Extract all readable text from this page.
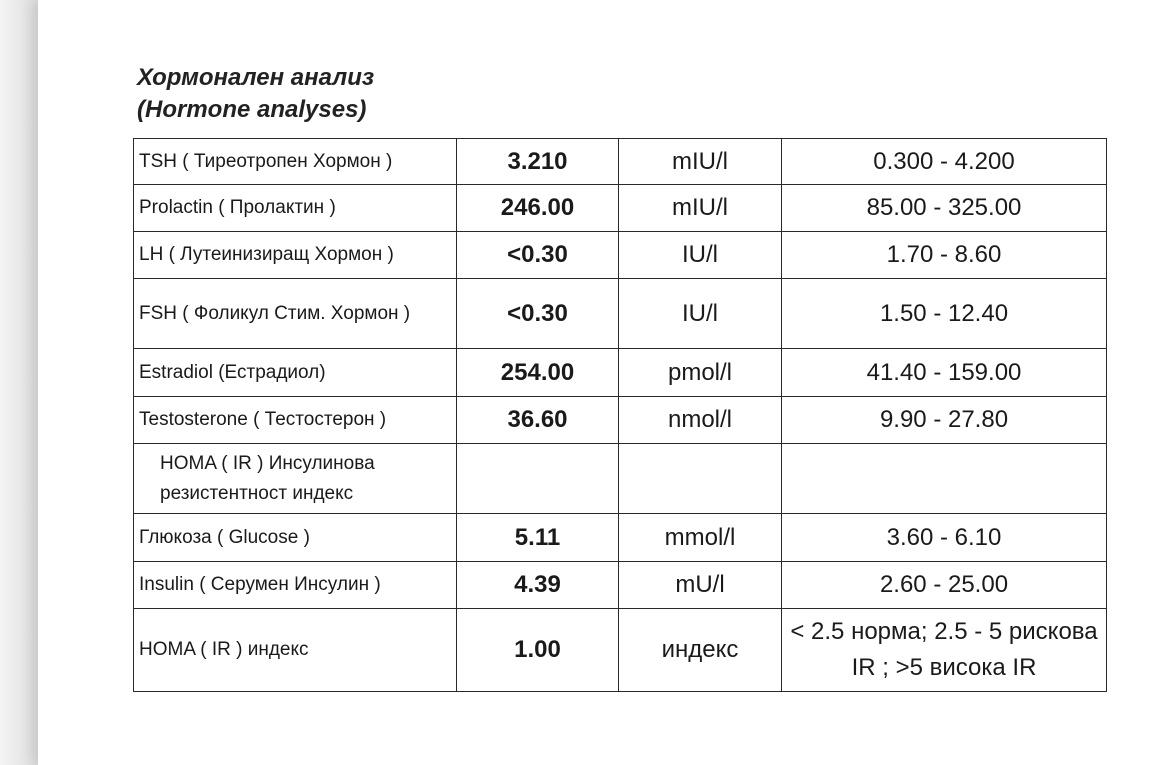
Хормонален анализ
(Hormone analyses)
TSH ( Тиреотропен Хормон )	3.210	mIU/l	0.300 - 4.200
Prolactin ( Пролактин )	246.00	mIU/l	85.00 - 325.00
LH ( Лутеинизиращ Хормон )	<0.30	IU/l	1.70 - 8.60
FSH ( Фоликул Стим. Хормон )	<0.30	IU/l	1.50 - 12.40
Estradiol (Естрадиол)	254.00	pmol/l	41.40 - 159.00
Testosterone ( Тестостерон )	36.60	nmol/l	9.90 - 27.80
HOMA ( IR ) Инсулинова резистентност индекс			
Глюкоза ( Glucose )	5.11	mmol/l	3.60 - 6.10
Insulin ( Серумен Инсулин )	4.39	mU/l	2.60 - 25.00
HOMA ( IR ) индекс	1.00	индекс	< 2.5 норма; 2.5 - 5 рискова IR ; >5 висока IR
